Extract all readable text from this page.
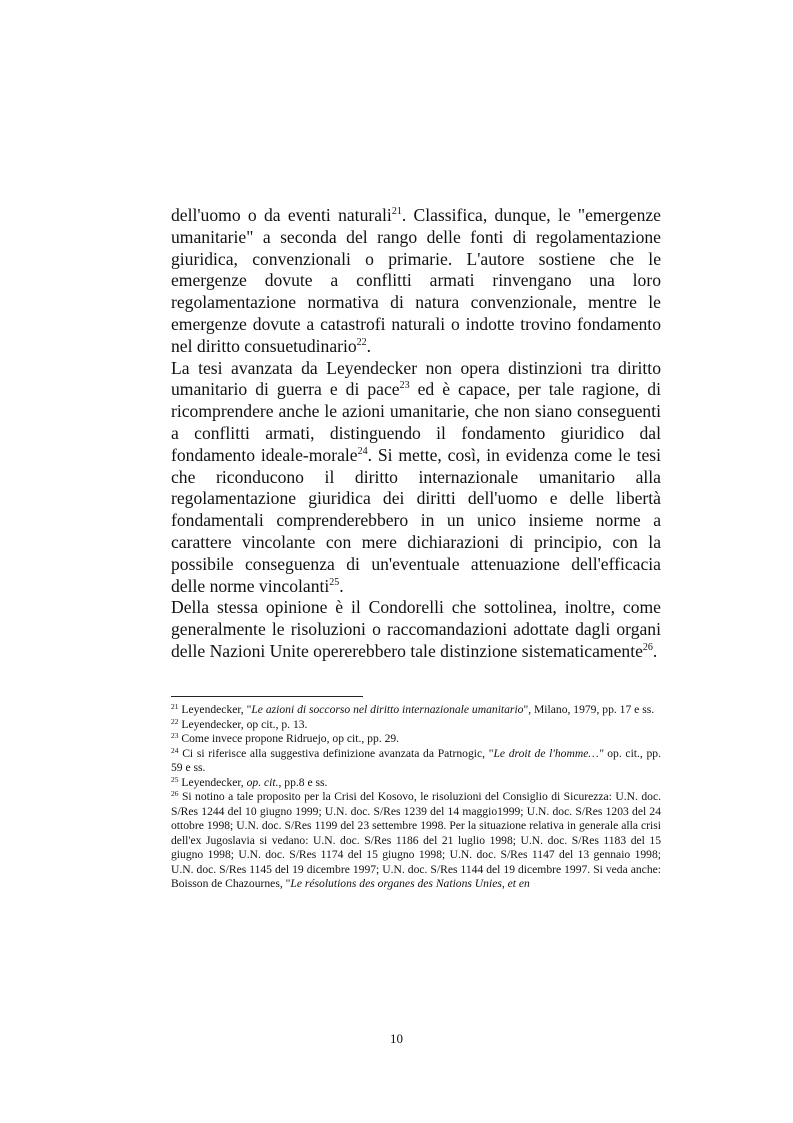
dell'uomo o da eventi naturali$^{21}$. Classifica, dunque, le "emergenze umanitarie" a seconda del rango delle fonti di regolamentazione giuridica, convenzionali o primarie. L'autore sostiene che le emergenze dovute a conflitti armati rinvengano una loro regolamentazione normativa di natura convenzionale, mentre le emergenze dovute a catastrofi naturali o indotte trovino fondamento nel diritto consuetudinario$^{22}$.

La tesi avanzata da Leyendecker non opera distinzioni tra diritto umanitario di guerra e di pace$^{23}$ ed è capace, per tale ragione, di ricomprendere anche le azioni umanitarie, che non siano conseguenti a conflitti armati, distinguendo il fondamento giuridico dal fondamento ideale-morale$^{24}$. Si mette, così, in evidenza come le tesi che riconducono il diritto internazionale umanitario alla regolamentazione giuridica dei diritti dell'uomo e delle libertà fondamentali comprenderebbero in un unico insieme norme a carattere vincolante con mere dichiarazioni di principio, con la possibile conseguenza di un'eventuale attenuazione dell'efficacia delle norme vincolanti$^{25}$.

Della stessa opinione è il Condorelli che sottolinea, inoltre, come generalmente le risoluzioni o raccomandazioni adottate dagli organi delle Nazioni Unite opererebbero tale distinzione sistematicamente$^{26}$.

$^{21}$ Leyendecker, "Le azioni di soccorso nel diritto internazionale umanitario", Milano, 1979, pp. 17 e ss.

$^{22}$ Leyendecker, op cit., p. 13.

$^{23}$ Come invece propone Ridruejo, op cit., pp. 29.

$^{24}$ Ci si riferisce alla suggestiva definizione avanzata da Patrnogic, "Le droit de l'homme…" op. cit., pp. 59 e ss.

$^{25}$ Leyendecker, op. cit., pp.8 e ss.

$^{26}$ Si notino a tale proposito per la Crisi del Kosovo, le risoluzioni del Consiglio di Sicurezza: U.N. doc. S/Res 1244 del 10 giugno 1999; U.N. doc. S/Res 1239 del 14 maggio1999; U.N. doc. S/Res 1203 del 24 ottobre 1998; U.N. doc. S/Res 1199 del 23 settembre 1998. Per la situazione relativa in generale alla crisi dell'ex Jugoslavia si vedano: U.N. doc. S/Res 1186 del 21 luglio 1998; U.N. doc. S/Res 1183 del 15 giugno 1998; U.N. doc. S/Res 1174 del 15 giugno 1998; U.N. doc. S/Res 1147 del 13 gennaio 1998; U.N. doc. S/Res 1145 del 19 dicembre 1997; U.N. doc. S/Res 1144 del 19 dicembre 1997. Si veda anche: Boisson de Chazournes, "Le résolutions des organes des Nations Unies, et en

10
